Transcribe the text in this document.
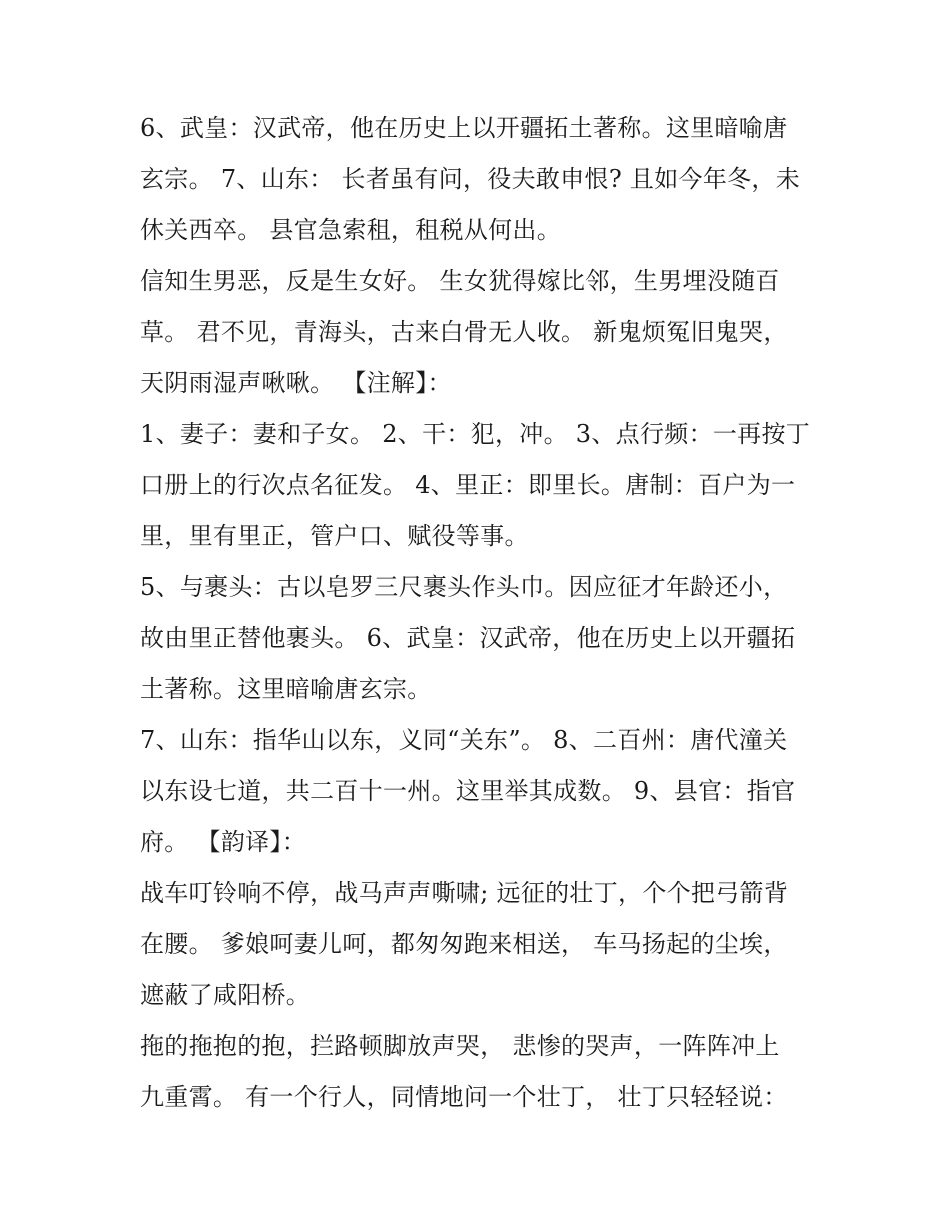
6、武皇：汉武帝，他在历史上以开疆拓土著称。这里暗喻唐
玄宗。 7、山东： 长者虽有问，役夫敢申恨? 且如今年冬，未
休关西卒。 县官急索租，租税从何出。
信知生男恶，反是生女好。 生女犹得嫁比邻，生男埋没随百
草。 君不见，青海头，古来白骨无人收。 新鬼烦冤旧鬼哭，
天阴雨湿声啾啾。 【注解】：
1、妻子：妻和子女。 2、干：犯，冲。 3、点行频：一再按丁
口册上的行次点名征发。 4、里正：即里长。唐制：百户为一
里，里有里正，管户口、赋役等事。
5、与裹头：古以皂罗三尺裹头作头巾。因应征才年龄还小，
故由里正替他裹头。 6、武皇：汉武帝，他在历史上以开疆拓
土著称。这里暗喻唐玄宗。
7、山东：指华山以东，义同“关东”。 8、二百州：唐代潼关
以东设七道，共二百十一州。这里举其成数。 9、县官：指官
府。 【韵译】：
战车叮铃响不停，战马声声嘶啸; 远征的壮丁，个个把弓箭背
在腰。 爹娘呵妻儿呵，都匆匆跑来相送， 车马扬起的尘埃，
遮蔽了咸阳桥。
拖的拖抱的抱，拦路顿脚放声哭， 悲惨的哭声，一阵阵冲上
九重霄。 有一个行人，同情地问一个壮丁， 壮丁只轻轻说：
